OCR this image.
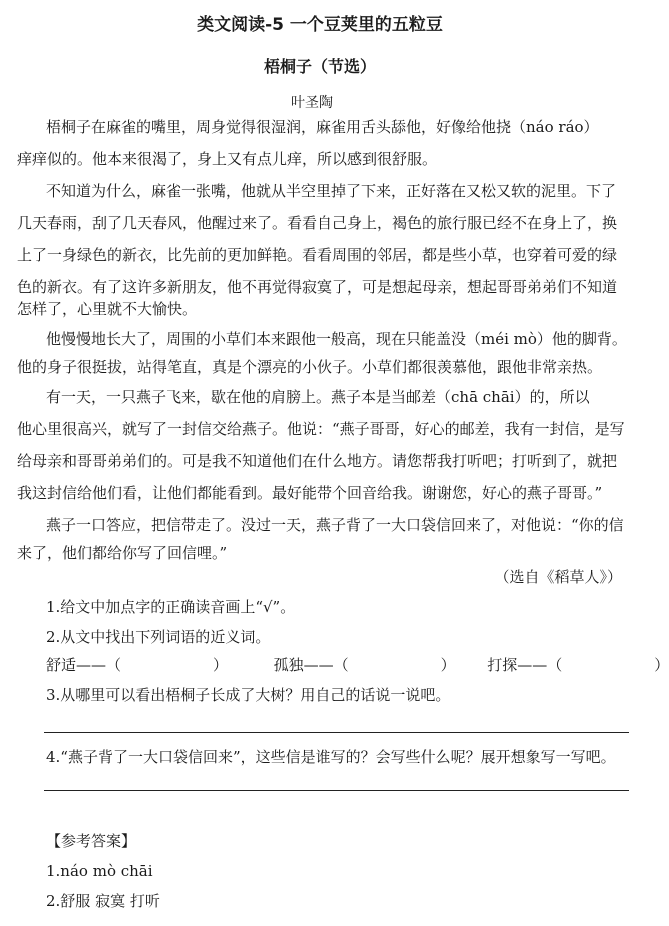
类文阅读-5 一个豆荚里的五粒豆
梧桐子（节选）
叶圣陶
梧桐子在麻雀的嘴里，周身觉得很湿润，麻雀用舌头舔他，好像给他挠（náo ráo）
痒痒似的。他本来很渴了，身上又有点儿痒，所以感到很舒服。
不知道为什么，麻雀一张嘴，他就从半空里掉了下来，正好落在又松又软的泥里。下了
几天春雨，刮了几天春风，他醒过来了。看看自己身上，褐色的旅行服已经不在身上了，换
上了一身绿色的新衣，比先前的更加鲜艳。看看周围的邻居，都是些小草，也穿着可爱的绿
色的新衣。有了这许多新朋友，他不再觉得寂寞了，可是想起母亲，想起哥哥弟弟们不知道
怎样了，心里就不大愉快。
他慢慢地长大了，周围的小草们本来跟他一般高，现在只能盖没（méi mò）他的脚背。
他的身子很挺拔，站得笔直，真是个漂亮的小伙子。小草们都很羡慕他，跟他非常亲热。
有一天，一只燕子飞来，歇在他的肩膀上。燕子本是当邮差（chā chāi）的，所以
他心里很高兴，就写了一封信交给燕子。他说：“燕子哥哥，好心的邮差，我有一封信，是写
给母亲和哥哥弟弟们的。可是我不知道他们在什么地方。请您帮我打听吧；打听到了，就把
我这封信给他们看，让他们都能看到。最好能带个回音给我。谢谢您，好心的燕子哥哥。”
燕子一口答应，把信带走了。没过一天，燕子背了一大口袋信回来了，对他说：“你的信
来了，他们都给你写了回信哩。”
（选自《稻草人》）
1.给文中加点字的正确读音画上“√”。
2.从文中找出下列词语的近义词。
舒适——（	）	孤独——（	） 打探——（	）
3.从哪里可以看出梧桐子长成了大树？用自己的话说一说吧。
4.“燕子背了一大口袋信回来”，这些信是谁写的？会写些什么呢？展开想象写一写吧。
【参考答案】
1.náo mò chāi
2.舒服 寂寞 打听
